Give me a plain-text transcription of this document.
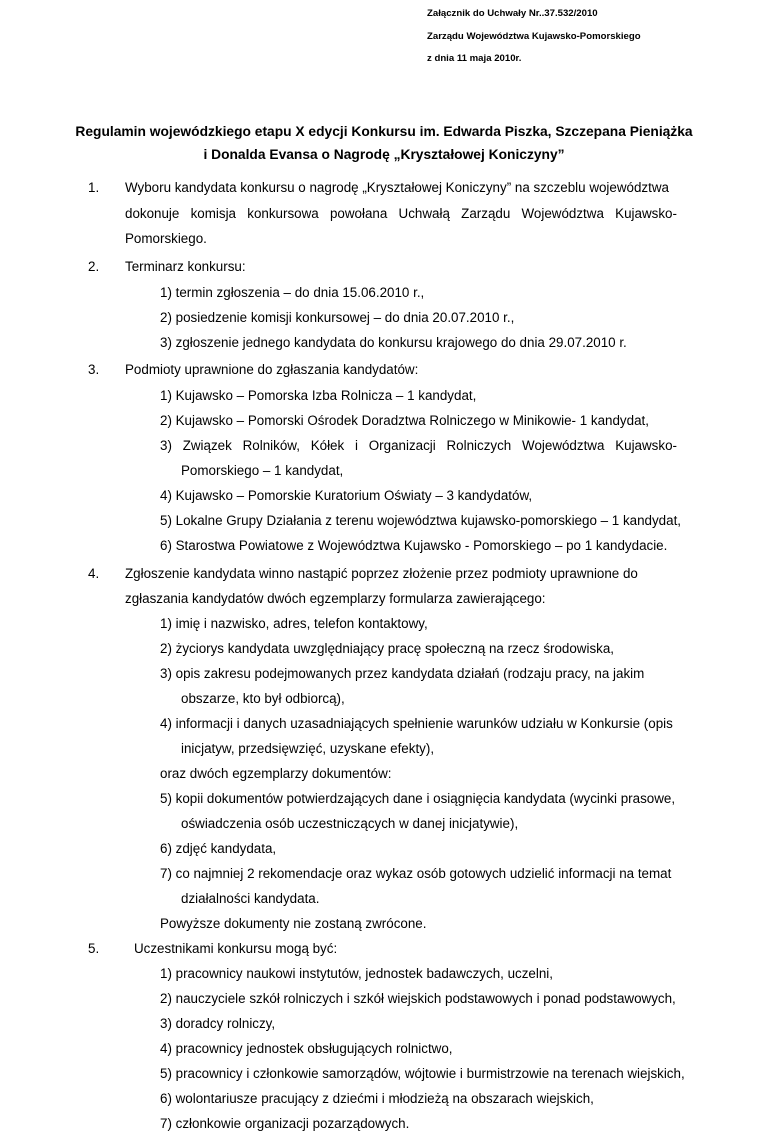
Załącznik do Uchwały Nr..37.532/2010
Zarządu Województwa Kujawsko-Pomorskiego
z dnia 11 maja 2010r.
Regulamin wojewódzkiego etapu X edycji Konkursu im. Edwarda Piszka, Szczepana Pieniążka
i Donalda Evansa o Nagrodę „Kryształowej Koniczyny”
1. Wyboru kandydata konkursu o nagrodę „Kryształowej Koniczyny” na szczeblu województwa
dokonuje komisja konkursowa powołana Uchwałą Zarządu Województwa Kujawsko-
Pomorskiego.
2. Terminarz konkursu:
1) termin zgłoszenia – do dnia 15.06.2010 r.,
2) posiedzenie komisji konkursowej – do dnia 20.07.2010 r.,
3) zgłoszenie jednego kandydata do konkursu krajowego do dnia 29.07.2010 r.
3. Podmioty uprawnione do zgłaszania kandydatów:
1) Kujawsko – Pomorska Izba Rolnicza – 1 kandydat,
2) Kujawsko – Pomorski Ośrodek Doradztwa Rolniczego w Minikowie- 1 kandydat,
3) Związek Rolników, Kółek i Organizacji Rolniczych Województwa Kujawsko-
Pomorskiego – 1 kandydat,
4) Kujawsko – Pomorskie Kuratorium Oświaty – 3 kandydatów,
5) Lokalne Grupy Działania z terenu województwa kujawsko-pomorskiego – 1 kandydat,
6) Starostwa Powiatowe z Województwa Kujawsko - Pomorskiego – po 1 kandydacie.
4. Zgłoszenie kandydata winno nastąpić poprzez złożenie przez podmioty uprawnione do
zgłaszania kandydatów dwóch egzemplarzy formularza zawierającego:
1) imię i nazwisko, adres, telefon kontaktowy,
2) życiorys kandydata uwzględniający pracę społeczną na rzecz środowiska,
3) opis zakresu podejmowanych przez kandydata działań (rodzaju pracy, na jakim
obszarze, kto był odbiorcą),
4) informacji i danych uzasadniających spełnienie warunków udziału w Konkursie (opis
inicjatyw, przedsięwzięć, uzyskane efekty),
oraz dwóch egzemplarzy dokumentów:
5) kopii dokumentów potwierdzających dane i osiągnięcia kandydata (wycinki prasowe,
oświadczenia osób uczestniczących w danej inicjatywie),
6) zdjęć kandydata,
7) co najmniej 2 rekomendacje oraz wykaz osób gotowych udzielić informacji na temat
działalności kandydata.
Powyższe dokumenty nie zostaną zwrócone.
5.	Uczestnikami konkursu mogą być:
1) pracownicy naukowi instytutów, jednostek badawczych, uczelni,
2) nauczyciele szkół rolniczych i szkół wiejskich podstawowych i ponad podstawowych,
3) doradcy rolniczy,
4) pracownicy jednostek obsługujących rolnictwo,
5) pracownicy i członkowie samorządów, wójtowie i burmistrzowie na terenach wiejskich,
6) wolontariusze pracujący z dziećmi i młodzieżą na obszarach wiejskich,
7) członkowie organizacji pozarządowych.
